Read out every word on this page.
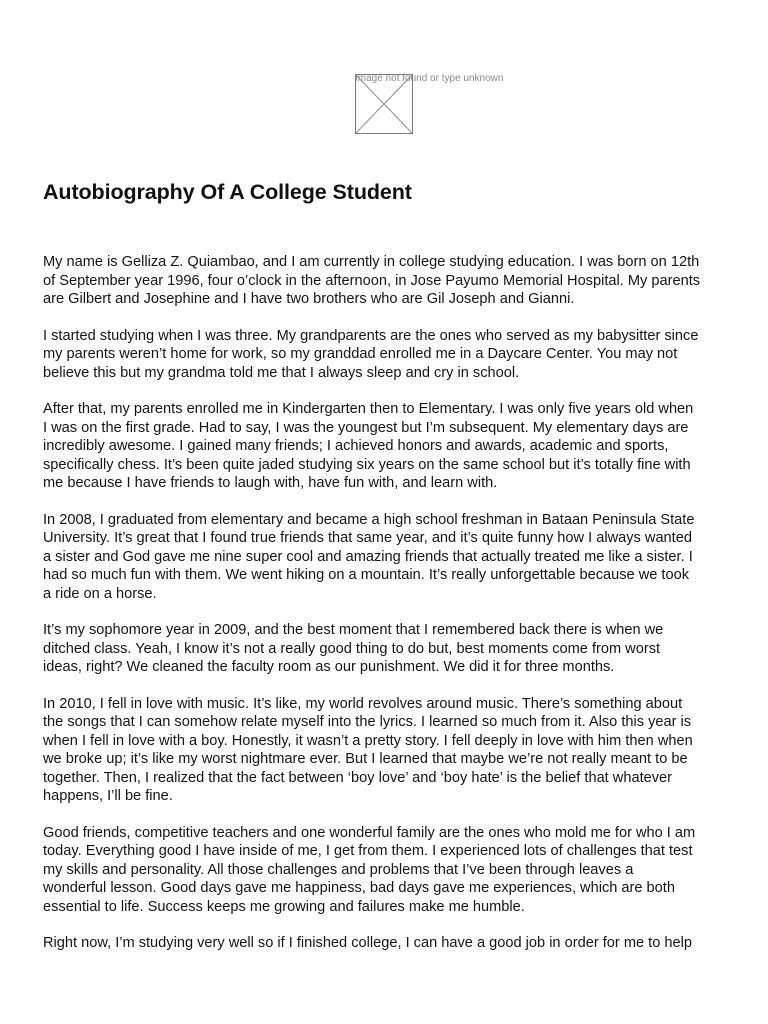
Image not found or type unknown
Autobiography Of A College Student

My name is Gelliza Z. Quiambao, and I am currently in college studying education. I was born on 12th
of September year 1996, four o’clock in the afternoon, in Jose Payumo Memorial Hospital. My parents
are Gilbert and Josephine and I have two brothers who are Gil Joseph and Gianni.

I started studying when I was three. My grandparents are the ones who served as my babysitter since
my parents weren’t home for work, so my granddad enrolled me in a Daycare Center. You may not
believe this but my grandma told me that I always sleep and cry in school.

After that, my parents enrolled me in Kindergarten then to Elementary. I was only five years old when
I was on the first grade. Had to say, I was the youngest but I’m subsequent. My elementary days are
incredibly awesome. I gained many friends; I achieved honors and awards, academic and sports,
specifically chess. It’s been quite jaded studying six years on the same school but it’s totally fine with
me because I have friends to laugh with, have fun with, and learn with.

In 2008, I graduated from elementary and became a high school freshman in Bataan Peninsula State
University. It’s great that I found true friends that same year, and it’s quite funny how I always wanted
a sister and God gave me nine super cool and amazing friends that actually treated me like a sister. I
had so much fun with them. We went hiking on a mountain. It’s really unforgettable because we took
a ride on a horse.

It’s my sophomore year in 2009, and the best moment that I remembered back there is when we
ditched class. Yeah, I know it’s not a really good thing to do but, best moments come from worst
ideas, right? We cleaned the faculty room as our punishment. We did it for three months.

In 2010, I fell in love with music. It’s like, my world revolves around music. There’s something about
the songs that I can somehow relate myself into the lyrics. I learned so much from it. Also this year is
when I fell in love with a boy. Honestly, it wasn’t a pretty story. I fell deeply in love with him then when
we broke up; it’s like my worst nightmare ever. But I learned that maybe we’re not really meant to be
together. Then, I realized that the fact between ‘boy love’ and ‘boy hate’ is the belief that whatever
happens, I’ll be fine.

Good friends, competitive teachers and one wonderful family are the ones who mold me for who I am
today. Everything good I have inside of me, I get from them. I experienced lots of challenges that test
my skills and personality. All those challenges and problems that I’ve been through leaves a
wonderful lesson. Good days gave me happiness, bad days gave me experiences, which are both
essential to life. Success keeps me growing and failures make me humble.

Right now, I’m studying very well so if I finished college, I can have a good job in order for me to help
